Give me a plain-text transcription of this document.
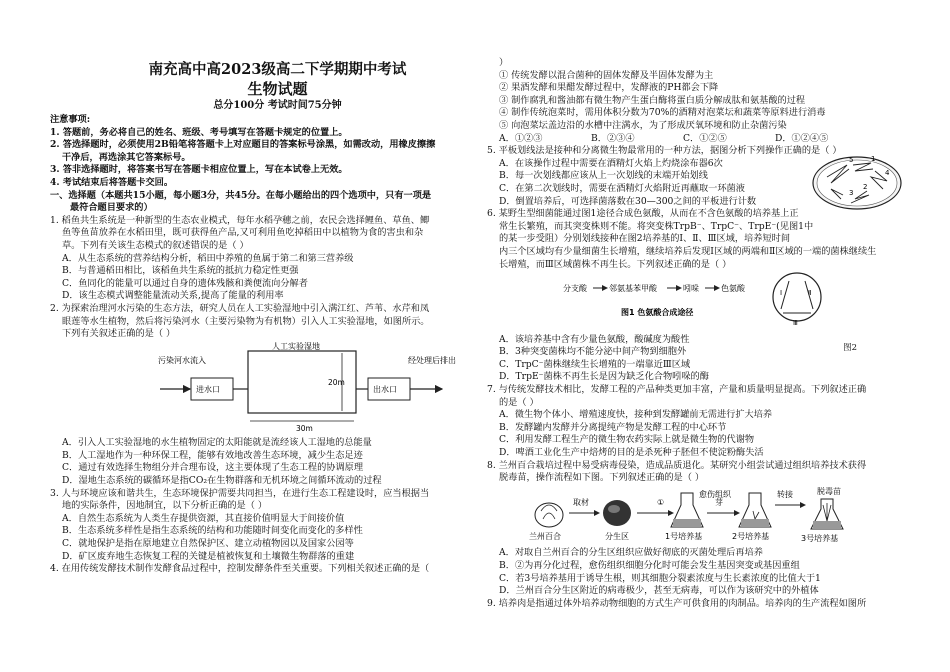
南充高中高2023级高二下学期期中考试
生物试题
总分100分 考试时间75分钟
注意事项:
1. 答题前，务必将自己的姓名、班级、考号填写在答题卡规定的位置上。
2. 答选择题时，必须使用2B铅笔将答题卡上对应题目的答案标号涂黑，如需改动，用橡皮擦擦
干净后，再选涂其它答案标号。
3. 答非选择题时，将答案书写在答题卡相应位置上，写在本试卷上无效。
4. 考试结束后将答题卡交回。
一、选择题（本题共15小题，每小题3分，共45分。在每小题给出的四个选项中，只有一项是
最符合题目要求的）
1. 稻鱼共生系统是一种新型的生态农业模式，每年水稻孕穗之前，农民会选择鲤鱼、草鱼、鲫
鱼等鱼苗放养在水稻田里，既可获得鱼产品,又可利用鱼吃掉稻田中以植物为食的害虫和杂
草。下列有关该生态模式的叙述错误的是（ ）
A．从生态系统的营养结构分析，稻田中养殖的鱼属于第二和第三营养级
B．与普通稻田相比，该稻鱼共生系统的抵抗力稳定性更强
C．鱼同化的能量可以通过自身的遗体残骸和粪便流向分解者
D．该生态模式调整能量流动关系,提高了能量的利用率
2. 为探索治理河水污染的生态方法，研究人员在人工实验湿地中引入满江红、芦苇、水芹和凤
眼莲等水生植物，然后将污染河水（主要污染物为有机物）引入人工实验湿地，如图所示。
下列有关叙述正确的是（ ）
污染河水流入
进水口
人工实验湿地
20m
30m
出水口
经处理后排出
A．引入人工实验湿地的水生植物固定的太阳能就是流经该人工湿地的总能量
B．人工湿地作为一种环保工程，能够有效地改善生态环境，减少生态足迹
C．通过有效选择生物组分并合理布设，这主要体现了生态工程的协调原理
D．湿地生态系统的碳循环是指CO₂在生物群落和无机环境之间循环流动的过程
3. 人与环境应该和谐共生，生态环境保护需要共同担当，在进行生态工程建设时，应当根据当
地的实际条件，因地制宜，以下分析正确的是（ ）
A．自然生态系统为人类生存提供资源，其直接价值明显大于间接价值
B．生态系统多样性是指生态系统的结构和功能随时间变化而变化的多样性
C．就地保护是指在原地建立自然保护区、建立动植物园以及国家公园等
D．矿区废弃地生态恢复工程的关键是植被恢复和土壤微生物群落的重建
4. 在用传统发酵技术制作发酵食品过程中，控制发酵条件至关重要。下列相关叙述正确的是（
）
① 传统发酵以混合菌种的固体发酵及半固体发酵为主
② 果酒发酵和果醋发酵过程中，发酵液的PH都会下降
③ 制作腐乳和酱油都有微生物产生蛋白酶将蛋白质分解成肽和氨基酸的过程
④ 制作传统泡菜时，需用体积分数为70%的酒精对泡菜坛和蔬菜等原料进行消毒
⑤ 向泡菜坛盖边沿的水槽中注满水，为了形成厌氧环境和防止杂菌污染
A．①②③	B．②③④	C．①②⑤	D．①②④⑤
5. 平板划线法是接种和分离微生物最常用的一种方法，据图分析下列操作正确的是（ ）
A．在该操作过程中需要在酒精灯火焰上灼烧涂布器6次
B．每一次划线都应该从上一次划线的末端开始划线
C．在第二次划线时，需要在酒精灯火焰附近再蘸取一环菌液
D．倒置培养后，可选择菌落数在30—300之间的平板进行计数
5	1
4
3
2
6. 某野生型细菌能通过图1途径合成色氨酸，从而在不含色氨酸的培养基上正
常生长繁殖，而其突变株则不能。将突变株TrpB⁻、TrpC⁻、TrpE⁻(见图1中
的某一步受阻）分别划线接种在图2培养基的Ⅰ、Ⅱ、Ⅲ区域，培养短时间
内三个区域均有少量细菌生长增殖，继续培养后发现Ⅰ区域的两端和Ⅱ区域的一端的菌株继续生
长增殖，而Ⅲ区域菌株不再生长。下列叙述正确的是（ ）
分支酸	邻氨基苯甲酸	吲哚	色氨酸
图1 色氨酸合成途径
Ⅰ	Ⅱ
Ⅲ
图2
A．该培养基中含有少量色氨酸，酸碱度为酸性
B．3种突变菌株均不能分泌中间产物到细胞外
C．TrpC⁻菌株继续生长增殖的一端靠近Ⅲ区域
D．TrpE⁻菌株不再生长是因为缺乏化合物吲哚的酶
7. 与传统发酵技术相比，发酵工程的产品种类更加丰富，产量和质量明显提高。下列叙述正确
的是（ ）
A．微生物个体小、增殖速度快，接种到发酵罐前无需进行扩大培养
B．发酵罐内发酵并分离提纯产物是发酵工程的中心环节
C．利用发酵工程生产的微生物农药实际上就是微生物的代谢物
D．啤酒工业化生产中焙烤的目的是杀死种子胚但不使淀粉酶失活
8. 兰州百合栽培过程中易受病毒侵染，造成品质退化。某研究小组尝试通过组织培养技术获得
脱毒苗，操作流程如下图。下列叙述正确的是（ ）
兰州百合
取材
分生区
①
1号培养基
愈伤组织
芽
2号培养基
转接	脱毒苗
3号培养基
A．对取自兰州百合的分生区组织应做好彻底的灭菌处理后再培养
B．②为再分化过程，愈伤组织细胞分化时可能会发生基因突变或基因重组
C．若3号培养基用于诱导生根，则其细胞分裂素浓度与生长素浓度的比值大于1
D．兰州百合分生区附近的病毒极少，甚至无病毒，可以作为该研究中的外植体
9. 培养肉是指通过体外培养动物细胞的方式生产可供食用的肉制品。培养肉的生产流程如图所
